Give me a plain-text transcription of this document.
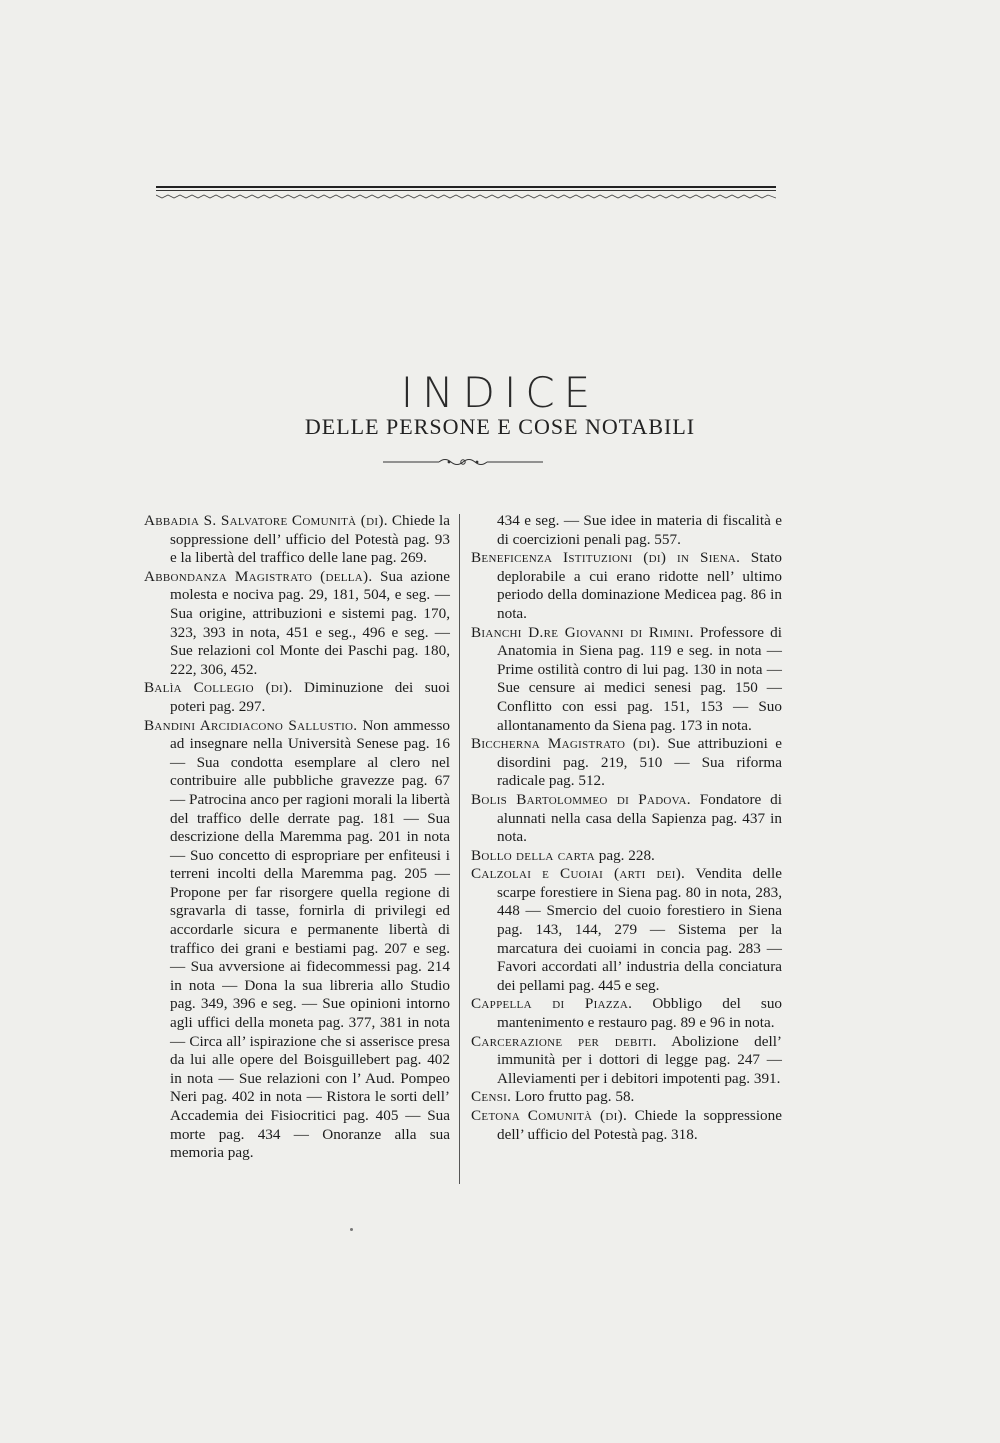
INDICE
DELLE PERSONE E COSE NOTABILI

Abbadia S. Salvatore Comunità (di). Chiede la soppressione dell’ ufficio del Potestà pag. 93 e la libertà del traffico delle lane pag. 269.

Abbondanza Magistrato (della). Sua azione molesta e nociva pag. 29, 181, 504, e seg. — Sua origine, attribuzioni e sistemi pag. 170, 323, 393 in nota, 451 e seg., 496 e seg. — Sue relazioni col Monte dei Paschi pag. 180, 222, 306, 452.

Balìa Collegio (di). Diminuzione dei suoi poteri pag. 297.

Bandini Arcidiacono Sallustio. Non ammesso ad insegnare nella Università Senese pag. 16 — Sua condotta esemplare al clero nel contribuire alle pubbliche gravezze pag. 67 — Patrocina anco per ragioni morali la libertà del traffico delle derrate pag. 181 — Sua descrizione della Maremma pag. 201 in nota — Suo concetto di espropriare per enfiteusi i terreni incolti della Maremma pag. 205 — Propone per far risorgere quella regione di sgravarla di tasse, fornirla di privilegi ed accordarle sicura e permanente libertà di traffico dei grani e bestiami pag. 207 e seg. — Sua avversione ai fidecommessi pag. 214 in nota — Dona la sua libreria allo Studio pag. 349, 396 e seg. — Sue opinioni intorno agli uffici della moneta pag. 377, 381 in nota — Circa all’ ispirazione che si asserisce presa da lui alle opere del Boisguillebert pag. 402 in nota — Sue relazioni con l’ Aud. Pompeo Neri pag. 402 in nota — Ristora le sorti dell’ Accademia dei Fisiocritici pag. 405 — Sua morte pag. 434 — Onoranze alla sua memoria pag.

434 e seg. — Sue idee in materia di fiscalità e di coercizioni penali pag. 557.

Beneficenza Istituzioni (di) in Siena. Stato deplorabile a cui erano ridotte nell’ ultimo periodo della dominazione Medicea pag. 86 in nota.

Bianchi D.re Giovanni di Rimini. Professore di Anatomia in Siena pag. 119 e seg. in nota — Prime ostilità contro di lui pag. 130 in nota — Sue censure ai medici senesi pag. 150 — Conflitto con essi pag. 151, 153 — Suo allontanamento da Siena pag. 173 in nota.

Biccherna Magistrato (di). Sue attribuzioni e disordini pag. 219, 510 — Sua riforma radicale pag. 512.

Bolis Bartolommeo di Padova. Fondatore di alunnati nella casa della Sapienza pag. 437 in nota.

Bollo della carta pag. 228.

Calzolai e Cuoiai (arti dei). Vendita delle scarpe forestiere in Siena pag. 80 in nota, 283, 448 — Smercio del cuoio forestiero in Siena pag. 143, 144, 279 — Sistema per la marcatura dei cuoiami in concia pag. 283 — Favori accordati all’ industria della conciatura dei pellami pag. 445 e seg.

Cappella di Piazza. Obbligo del suo mantenimento e restauro pag. 89 e 96 in nota.

Carcerazione per debiti. Abolizione dell’ immunità per i dottori di legge pag. 247 — Alleviamenti per i debitori impotenti pag. 391.

Censi. Loro frutto pag. 58.

Cetona Comunità (di). Chiede la soppressione dell’ ufficio del Potestà pag. 318.
